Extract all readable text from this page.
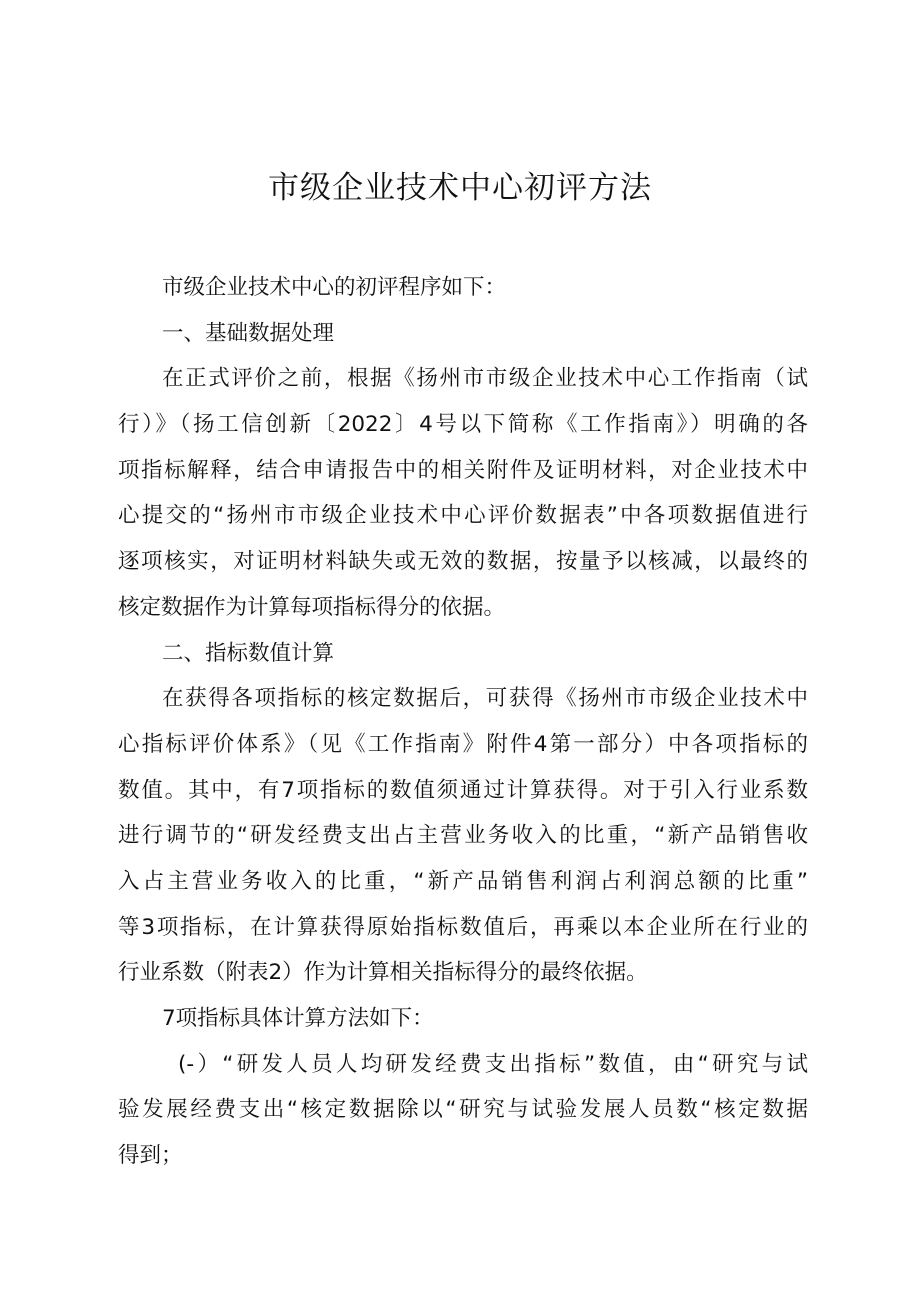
市级企业技术中心初评方法
市级企业技术中心的初评程序如下：
一、基础数据处理
在正式评价之前，根据《扬州市市级企业技术中心工作指南（试
行）》（扬工信创新〔2022〕4号以下简称《工作指南》）明确的各
项指标解释，结合申请报告中的相关附件及证明材料，对企业技术中
心提交的“扬州市市级企业技术中心评价数据表”中各项数据值进行
逐项核实，对证明材料缺失或无效的数据，按量予以核减，以最终的
核定数据作为计算每项指标得分的依据。
二、指标数值计算
在获得各项指标的核定数据后，可获得《扬州市市级企业技术中
心指标评价体系》（见《工作指南》附件4第一部分）中各项指标的
数值。其中，有7项指标的数值须通过计算获得。对于引入行业系数
进行调节的“研发经费支出占主营业务收入的比重，“新产品销售收
入占主营业务收入的比重，“新产品销售利润占利润总额的比重”
等3项指标，在计算获得原始指标数值后，再乘以本企业所在行业的
行业系数（附表2）作为计算相关指标得分的最终依据。
7项指标具体计算方法如下：
(-）“研发人员人均研发经费支出指标”数值，由“研究与试
验发展经费支出“核定数据除以“研究与试验发展人员数“核定数据
得到；
